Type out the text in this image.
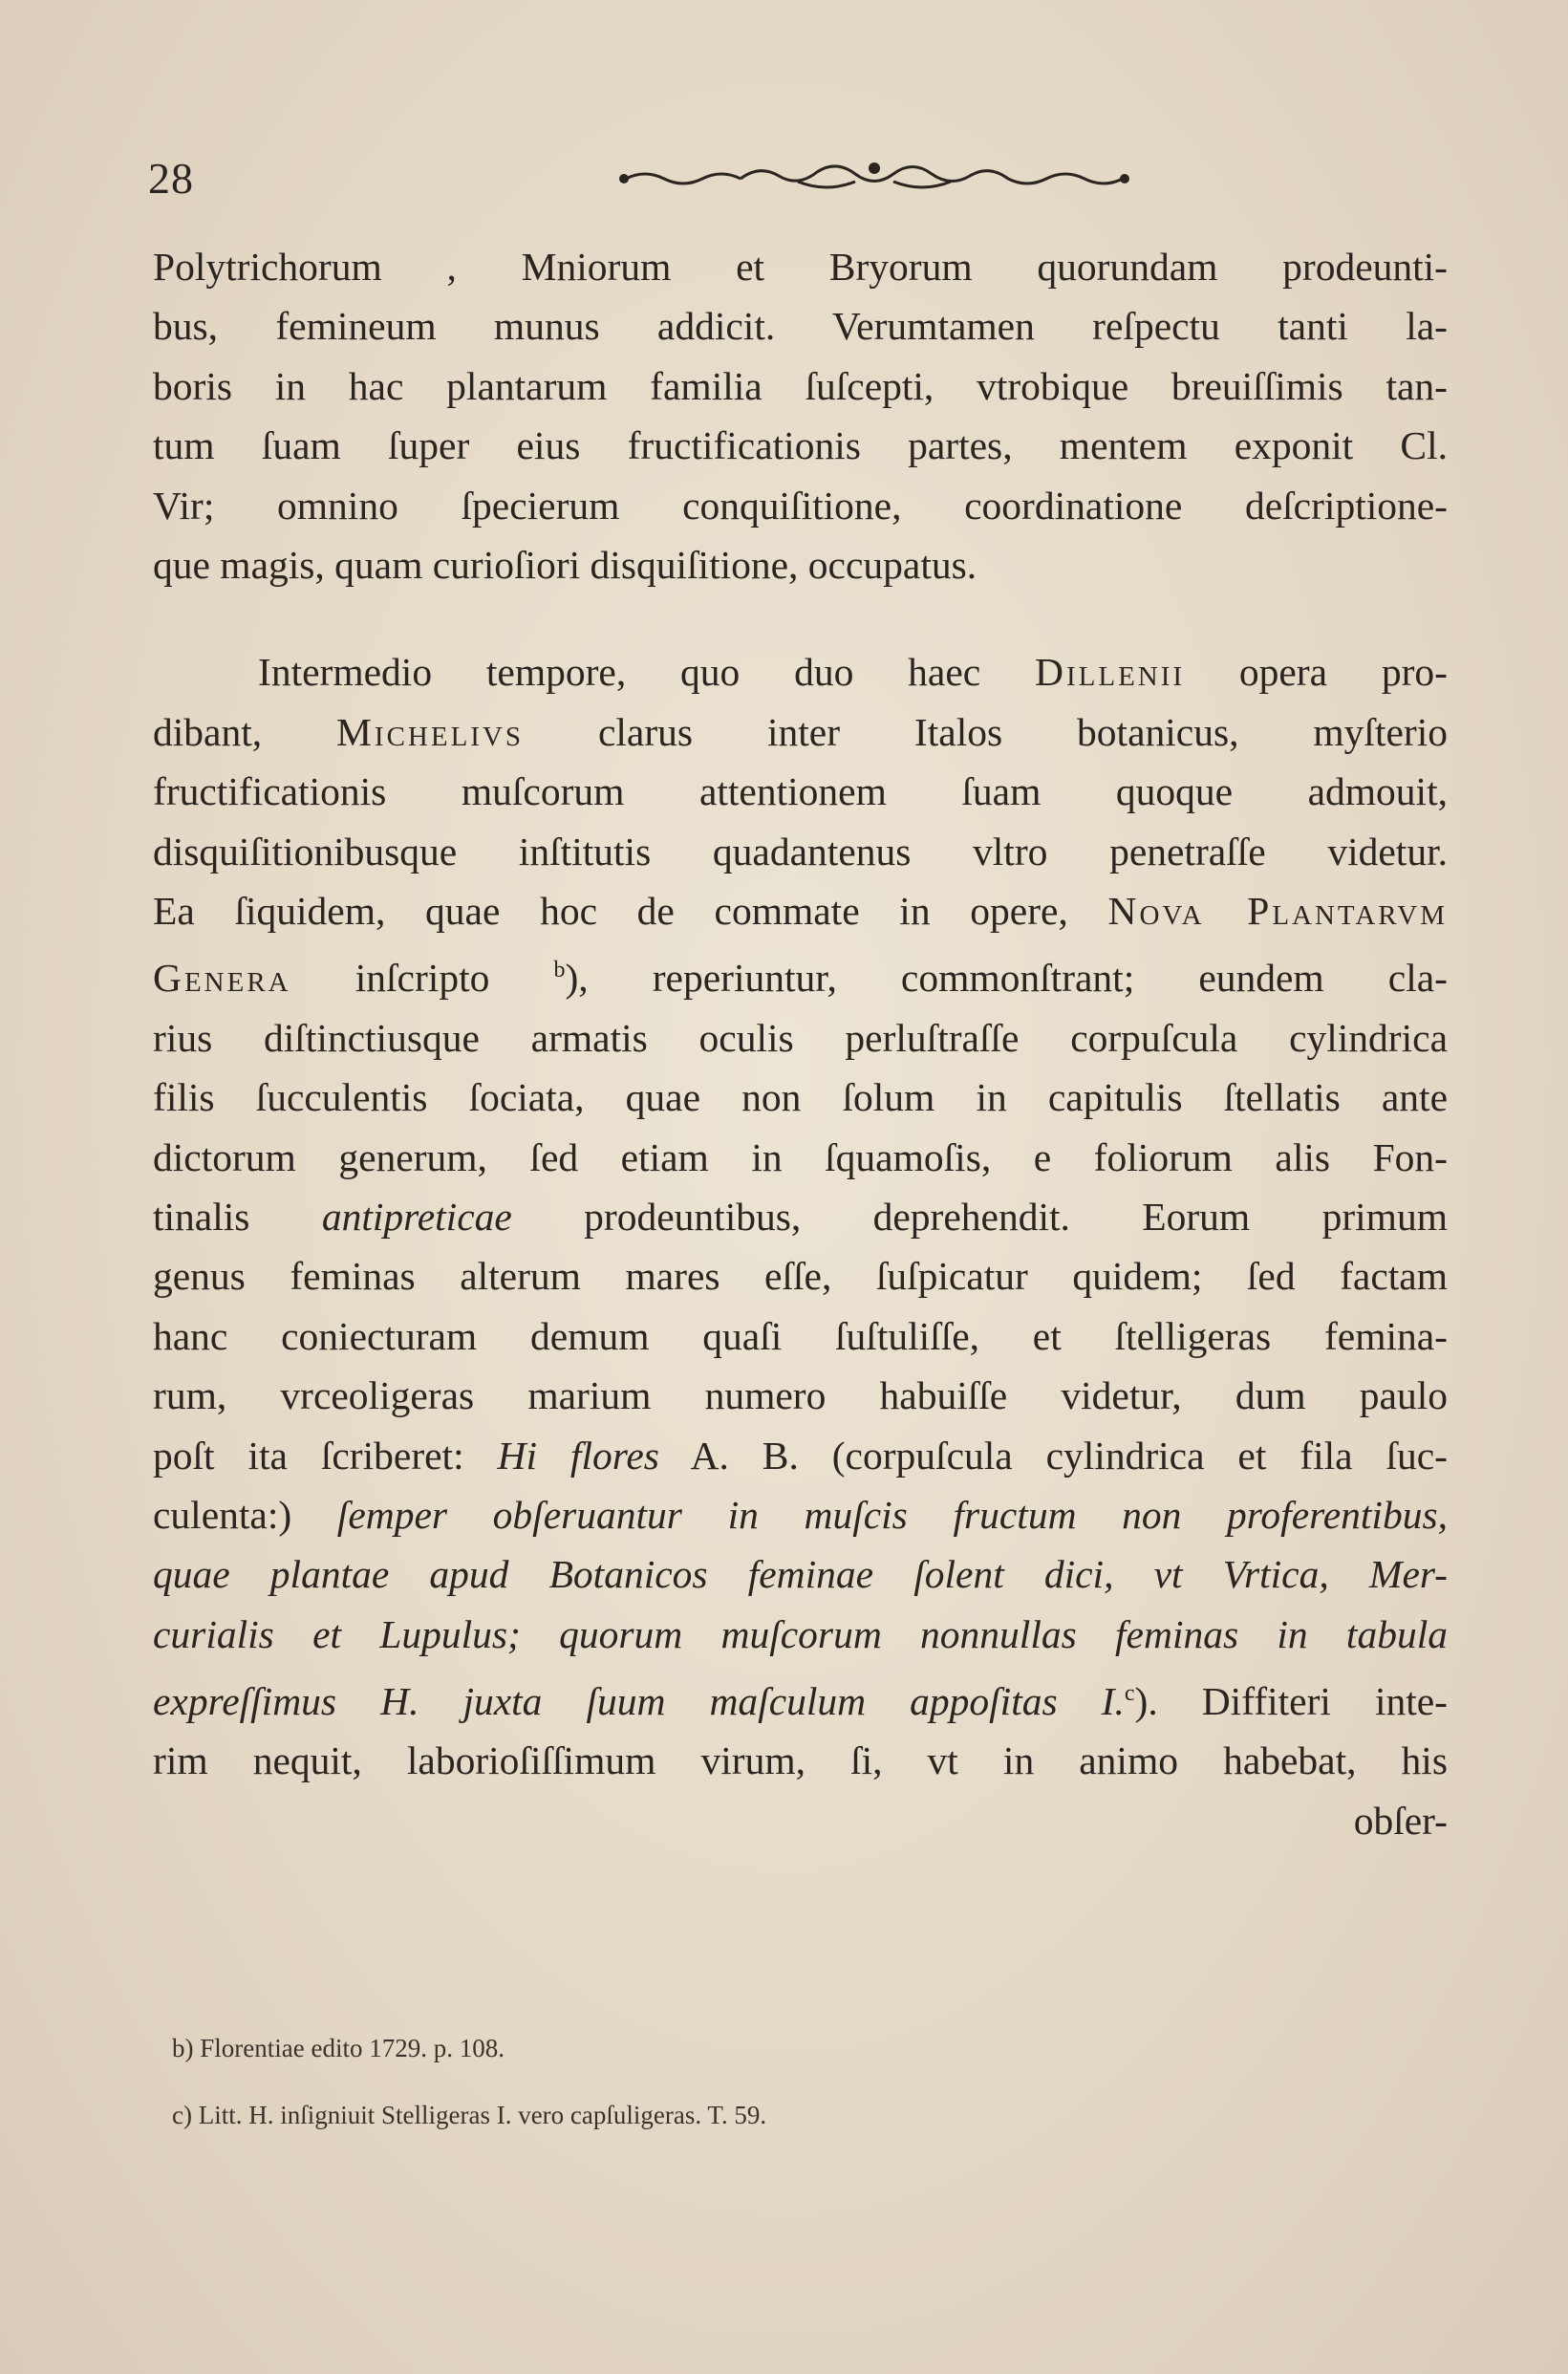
28
Polytrichorum , Mniorum et Bryorum quorundam prodeunti-
bus, femineum munus addicit. Verumtamen reſpectu tanti la-
boris in hac plantarum familia ſuſcepti, vtrobique breuiſſimis tan-
tum ſuam ſuper eius fructificationis partes, mentem exponit Cl.
Vir; omnino ſpecierum conquiſitione, coordinatione deſcriptione-
que magis, quam curioſiori disquiſitione, occupatus.
Intermedio tempore, quo duo haec Dillenii opera pro-
dibant, Michelivs clarus inter Italos botanicus, myſterio
fructificationis muſcorum attentionem ſuam quoque admouit,
disquiſitionibusque inſtitutis quadantenus vltro penetraſſe videtur.
Ea ſiquidem, quae hoc de commate in opere, Nova Plantarvm
Genera inſcripto $^b$), reperiuntur, commonſtrant; eundem cla-
rius diſtinctiusque armatis oculis perluſtraſſe corpuſcula cylindrica
filis ſucculentis ſociata, quae non ſolum in capitulis ſtellatis ante
dictorum generum, ſed etiam in ſquamoſis, e foliorum alis Fon-
tinalis antipreticae prodeuntibus, deprehendit. Eorum primum
genus feminas alterum mares eſſe, ſuſpicatur quidem; ſed factam
hanc coniecturam demum quaſi ſuſtuliſſe, et ſtelligeras femina-
rum, vrceoligeras marium numero habuiſſe videtur, dum paulo
poſt ita ſcriberet: Hi flores A. B. (corpuſcula cylindrica et fila ſuc-
culenta:) ſemper obſeruantur in muſcis fructum non proferentibus,
quae plantae apud Botanicos feminae ſolent dici, vt Vrtica, Mer-
curialis et Lupulus; quorum muſcorum nonnullas feminas in tabula
expreſſimus H. juxta ſuum maſculum appoſitas I.$^c$). Diffiteri inte-
rim nequit, laborioſiſſimum virum, ſi, vt in animo habebat, his
obſer-
b) Florentiae edito 1729. p. 108.
c) Litt. H. inſigniuit Stelligeras I. vero capſuligeras. T. 59.
